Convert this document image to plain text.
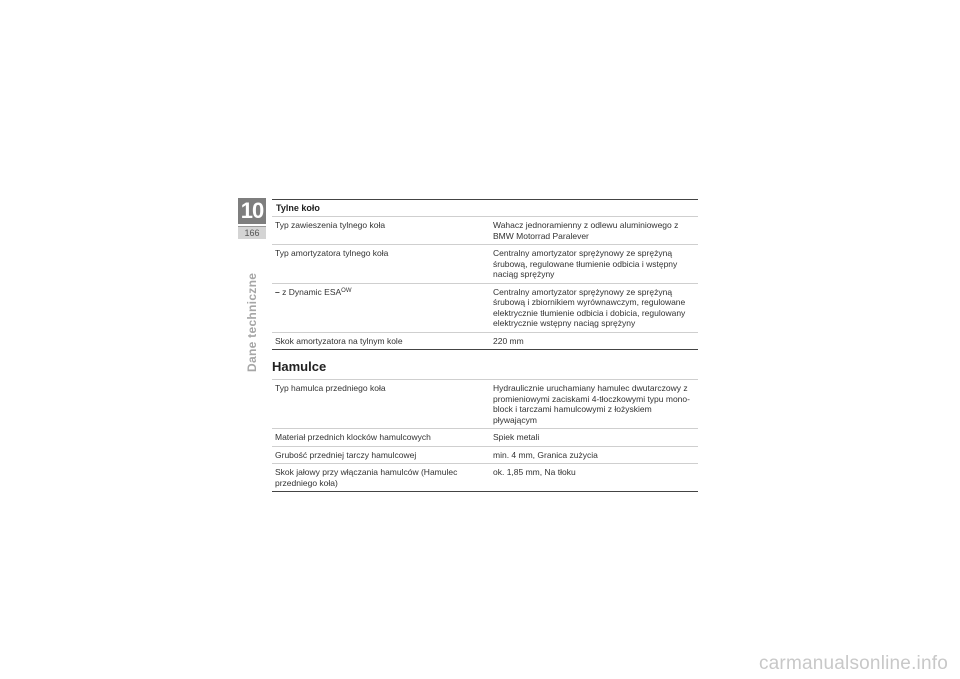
10
166
Dane techniczne
Tylne koło
Typ zawieszenia tylnego koła	Wahacz jednoramienny z odlewu aluminiowego z BMW Motorrad Paralever
Typ amortyzatora tylnego koła	Centralny amortyzator sprężynowy ze sprężyną śrubową, regulowane tłumienie odbicia i wstępny naciąg sprężyny
– z Dynamic $ESA^{OW}$	Centralny amortyzator sprężynowy ze sprężyną śrubową i zbiornikiem wyrównawczym, regulowane elektrycznie tłumienie odbicia i dobicia, regulowany elektrycznie wstępny naciąg sprężyny
Skok amortyzatora na tylnym kole	220 mm
Hamulce
Typ hamulca przedniego koła	Hydraulicznie uruchamiany hamulec dwutarczowy z promieniowymi zaciskami 4-tłoczkowymi typu mono-block i tarczami hamulcowymi z łożyskiem pływającym
Materiał przednich klocków hamulcowych	Spiek metali
Grubość przedniej tarczy hamulcowej	min. 4 mm, Granica zużycia
Skok jałowy przy włączania hamulców (Hamulec przedniego koła)	ok. 1,85 mm, Na tłoku
carmanualsonline.info
